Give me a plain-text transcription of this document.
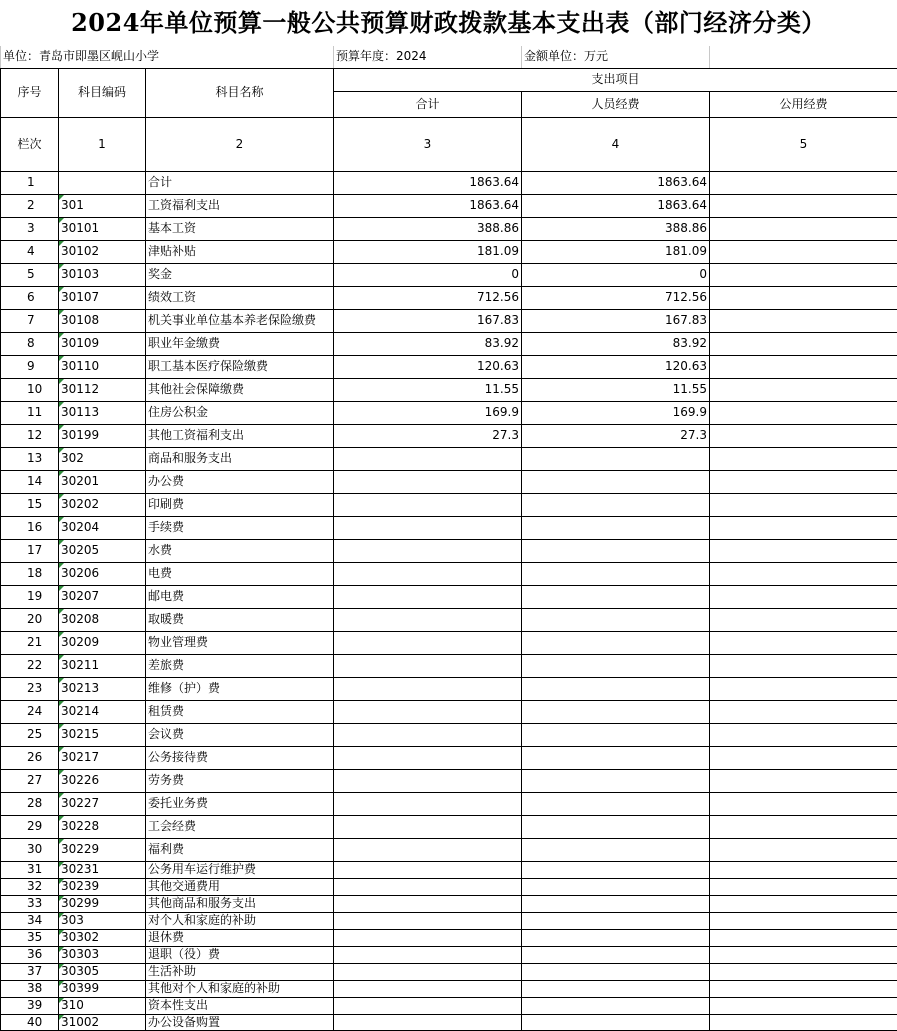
2024年单位预算一般公共预算财政拨款基本支出表（部门经济分类）
单位：青岛市即墨区岘山小学			预算年度：2024	金额单位：万元	
序号	科目编码	科目名称	支出项目		
			合计	人员经费	公用经费
栏次	1	2	3	4	5
1		合计	1863.64	1863.64	
2	301	工资福利支出	1863.64	1863.64	
3	30101	基本工资	388.86	388.86	
4	30102	津贴补贴	181.09	181.09	
5	30103	奖金	0	0	
6	30107	绩效工资	712.56	712.56	
7	30108	机关事业单位基本养老保险缴费	167.83	167.83	
8	30109	职业年金缴费	83.92	83.92	
9	30110	职工基本医疗保险缴费	120.63	120.63	
10	30112	其他社会保障缴费	11.55	11.55	
11	30113	住房公积金	169.9	169.9	
12	30199	其他工资福利支出	27.3	27.3	
13	302	商品和服务支出			
14	30201	办公费			
15	30202	印刷费			
16	30204	手续费			
17	30205	水费			
18	30206	电费			
19	30207	邮电费			
20	30208	取暖费			
21	30209	物业管理费			
22	30211	差旅费			
23	30213	维修（护）费			
24	30214	租赁费			
25	30215	会议费			
26	30217	公务接待费			
27	30226	劳务费			
28	30227	委托业务费			
29	30228	工会经费			
30	30229	福利费			
31	30231	公务用车运行维护费			
32	30239	其他交通费用			
33	30299	其他商品和服务支出			
34	303	对个人和家庭的补助			
35	30302	退休费			
36	30303	退职（役）费			
37	30305	生活补助			
38	30399	其他对个人和家庭的补助			
39	310	资本性支出			
40	31002	办公设备购置			
